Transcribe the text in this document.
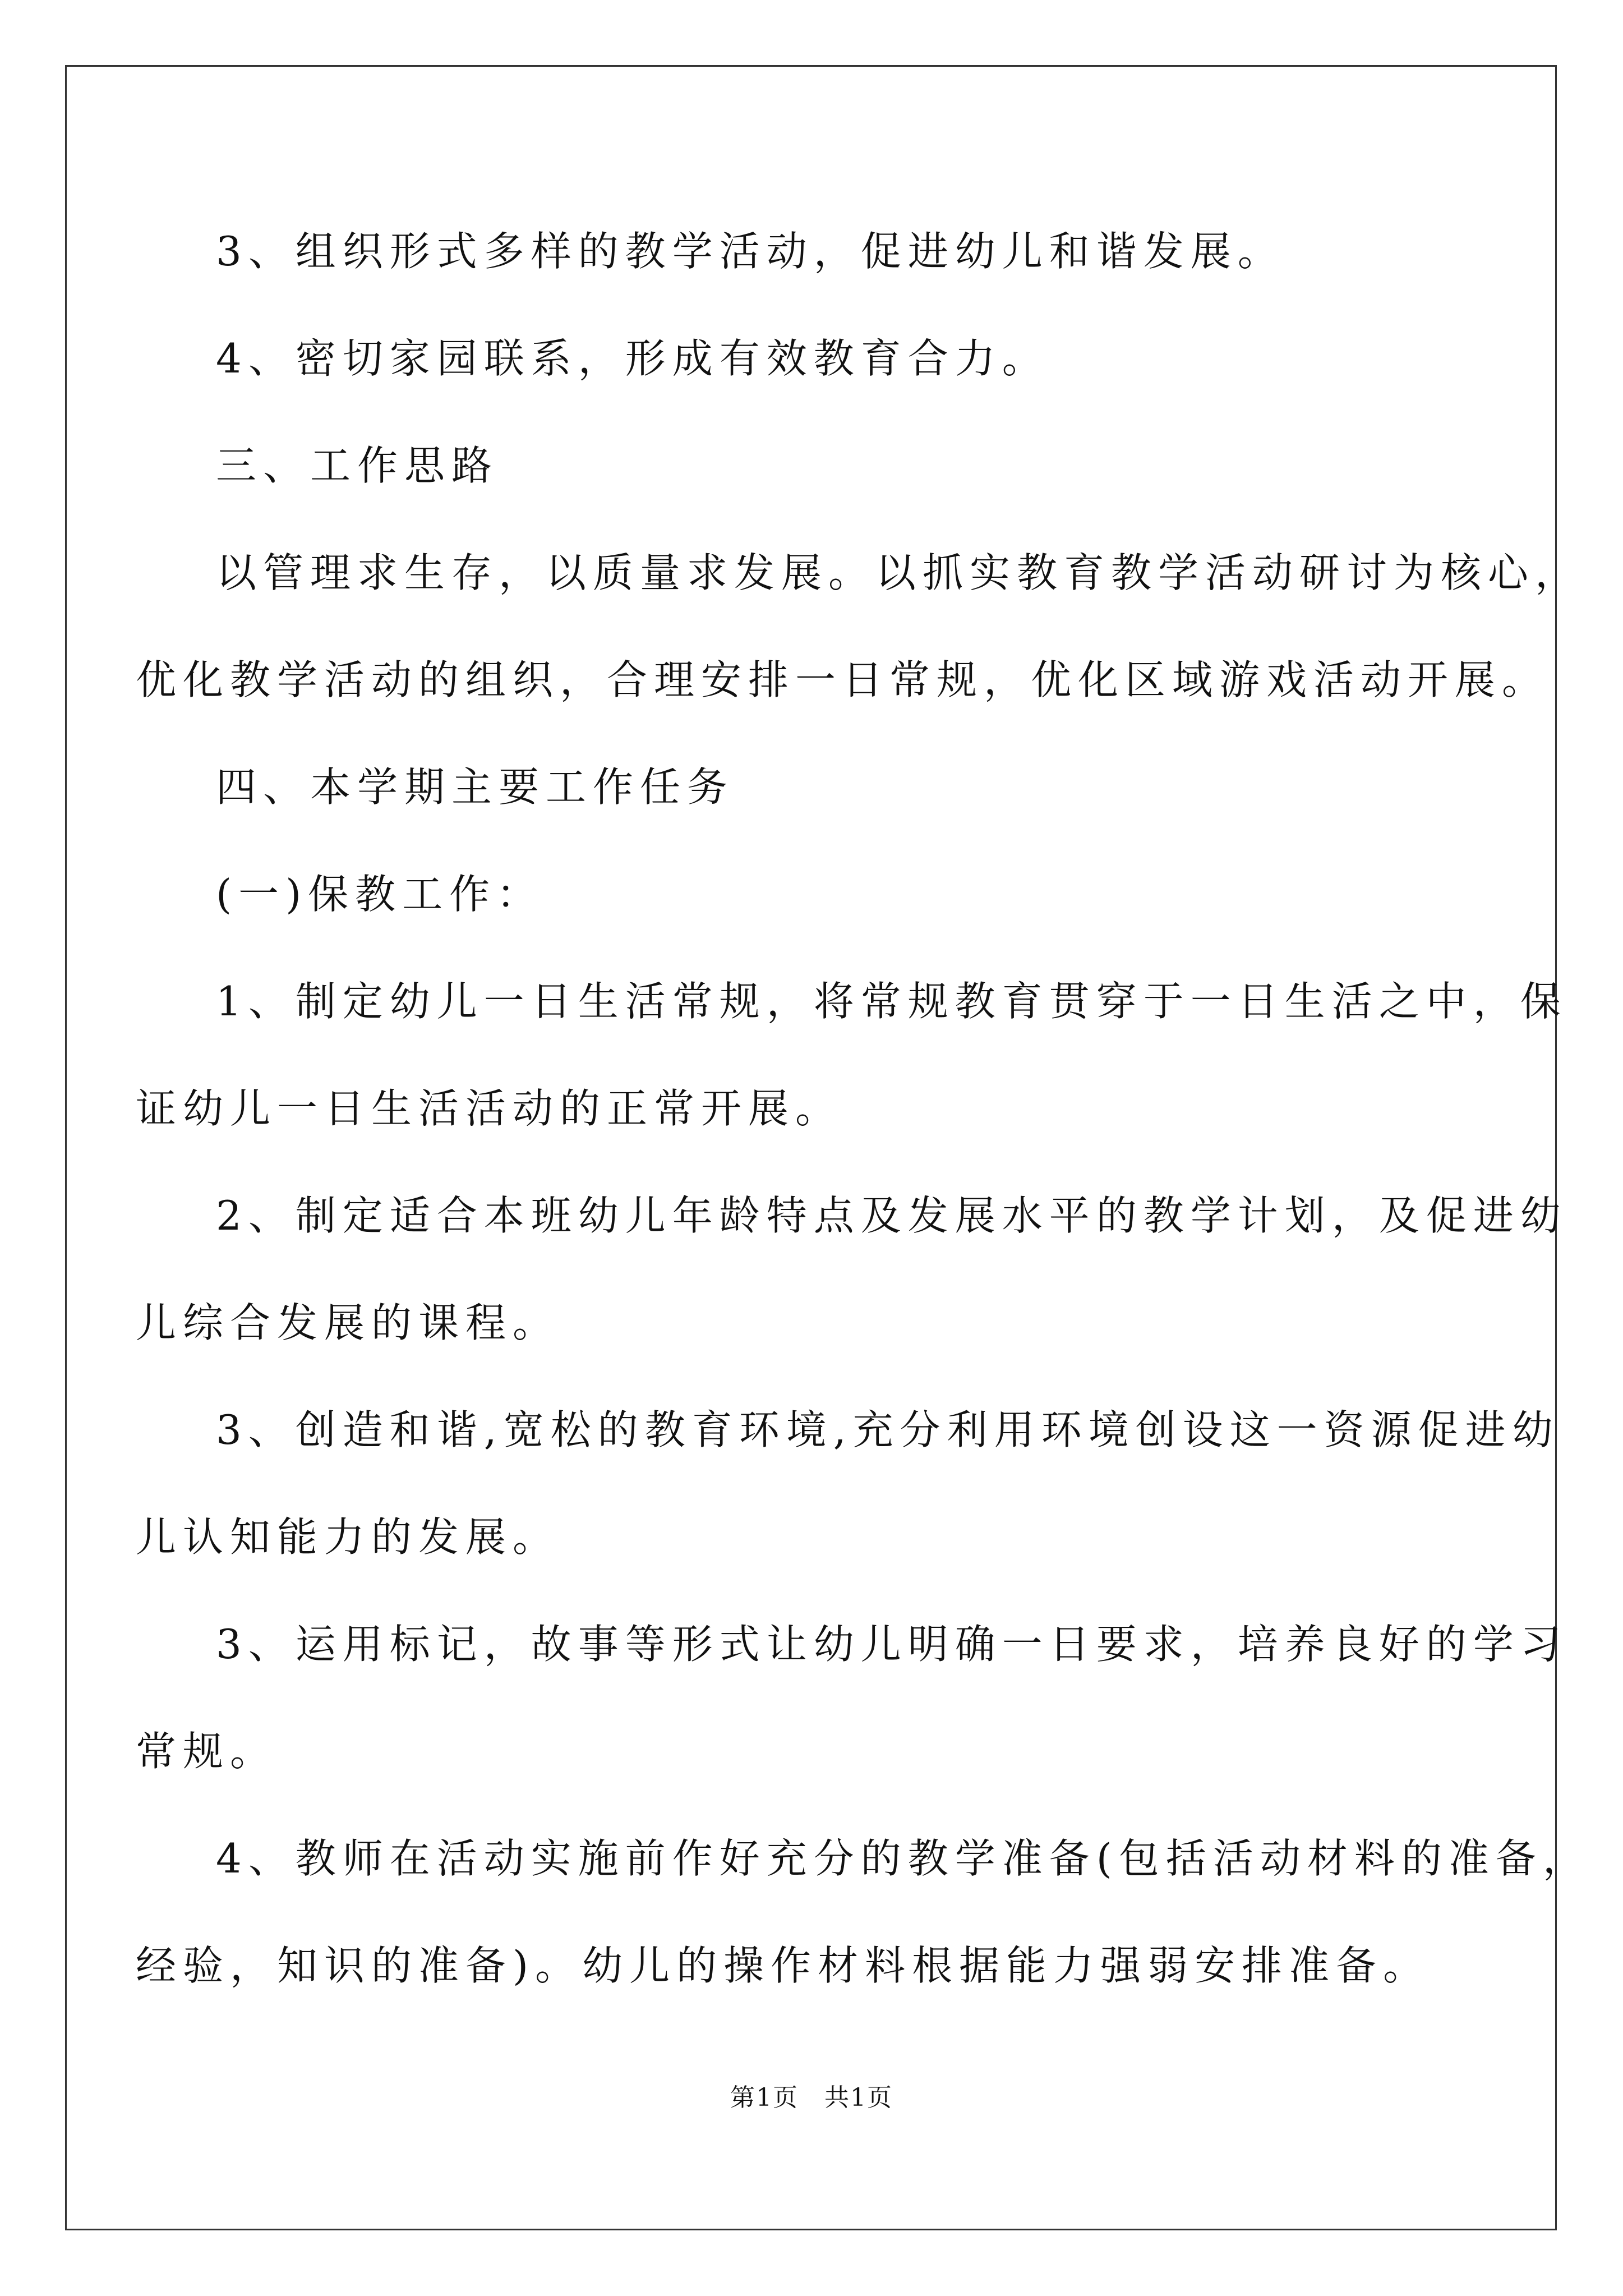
3、组织形式多样的教学活动，促进幼儿和谐发展。
4、密切家园联系，形成有效教育合力。
三、工作思路
以管理求生存，以质量求发展。以抓实教育教学活动研讨为核心，
优化教学活动的组织，合理安排一日常规，优化区域游戏活动开展。
四、本学期主要工作任务
(一)保教工作：
1、制定幼儿一日生活常规，将常规教育贯穿于一日生活之中，保
证幼儿一日生活活动的正常开展。
2、制定适合本班幼儿年龄特点及发展水平的教学计划，及促进幼
儿综合发展的课程。
3、创造和谐,宽松的教育环境,充分利用环境创设这一资源促进幼
儿认知能力的发展。
3、运用标记，故事等形式让幼儿明确一日要求，培养良好的学习
常规。
4、教师在活动实施前作好充分的教学准备(包括活动材料的准备，
经验，知识的准备)。幼儿的操作材料根据能力强弱安排准备。
第1页　共1页
